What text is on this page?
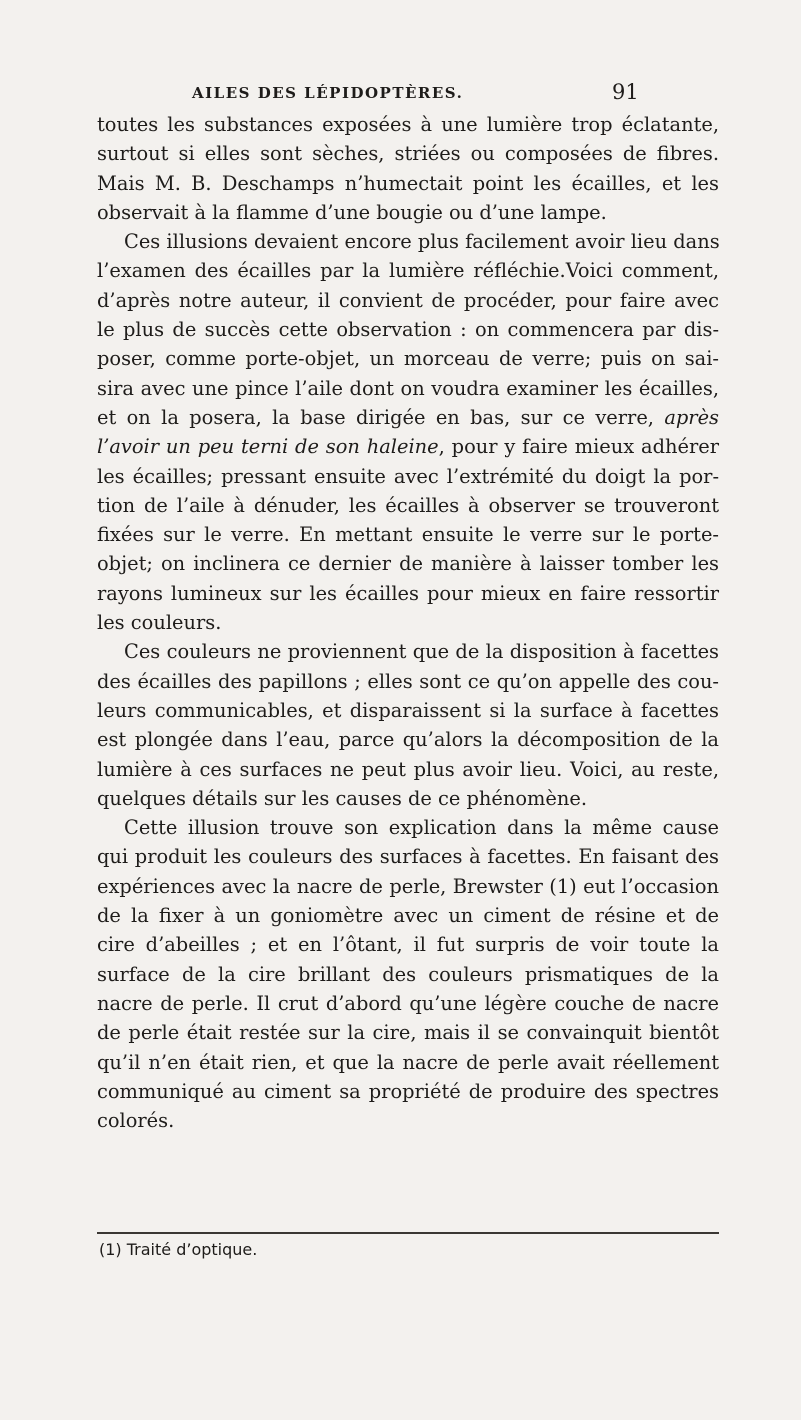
AILES DES LÉPIDOPTÈRES.	91

toutes les substances exposées à une lumière trop éclatante,
surtout si elles sont sèches, striées ou composées de fibres.
Mais M. B. Deschamps n’humectait point les écailles, et les
observait à la flamme d’une bougie ou d’une lampe.

Ces illusions devaient encore plus facilement avoir lieu dans
l’examen des écailles par la lumière réfléchie.Voici comment,
d’après notre auteur, il convient de procéder, pour faire avec
le plus de succès cette observation : on commencera par dis-
poser, comme porte-objet, un morceau de verre; puis on sai-
sira avec une pince l’aile dont on voudra examiner les écailles,
et on la posera, la base dirigée en bas, sur ce verre, après
l’avoir un peu terni de son haleine, pour y faire mieux adhérer
les écailles; pressant ensuite avec l’extrémité du doigt la por-
tion de l’aile à dénuder, les écailles à observer se trouveront
fixées sur le verre. En mettant ensuite le verre sur le porte-
objet; on inclinera ce dernier de manière à laisser tomber les
rayons lumineux sur les écailles pour mieux en faire ressortir
les couleurs.

Ces couleurs ne proviennent que de la disposition à facettes
des écailles des papillons ; elles sont ce qu’on appelle des cou-
leurs communicables, et disparaissent si la surface à facettes
est plongée dans l’eau, parce qu’alors la décomposition de la
lumière à ces surfaces ne peut plus avoir lieu. Voici, au reste,
quelques détails sur les causes de ce phénomène.

Cette illusion trouve son explication dans la même cause
qui produit les couleurs des surfaces à facettes. En faisant des
expériences avec la nacre de perle, Brewster (1) eut l’occasion
de la fixer à un goniomètre avec un ciment de résine et de
cire d’abeilles ; et en l’ôtant, il fut surpris de voir toute la
surface de la cire brillant des couleurs prismatiques de la
nacre de perle. Il crut d’abord qu’une légère couche de nacre
de perle était restée sur la cire, mais il se convainquit bientôt
qu’il n’en était rien, et que la nacre de perle avait réellement
communiqué au ciment sa propriété de produire des spectres
colorés.

(1) Traité d’optique.
